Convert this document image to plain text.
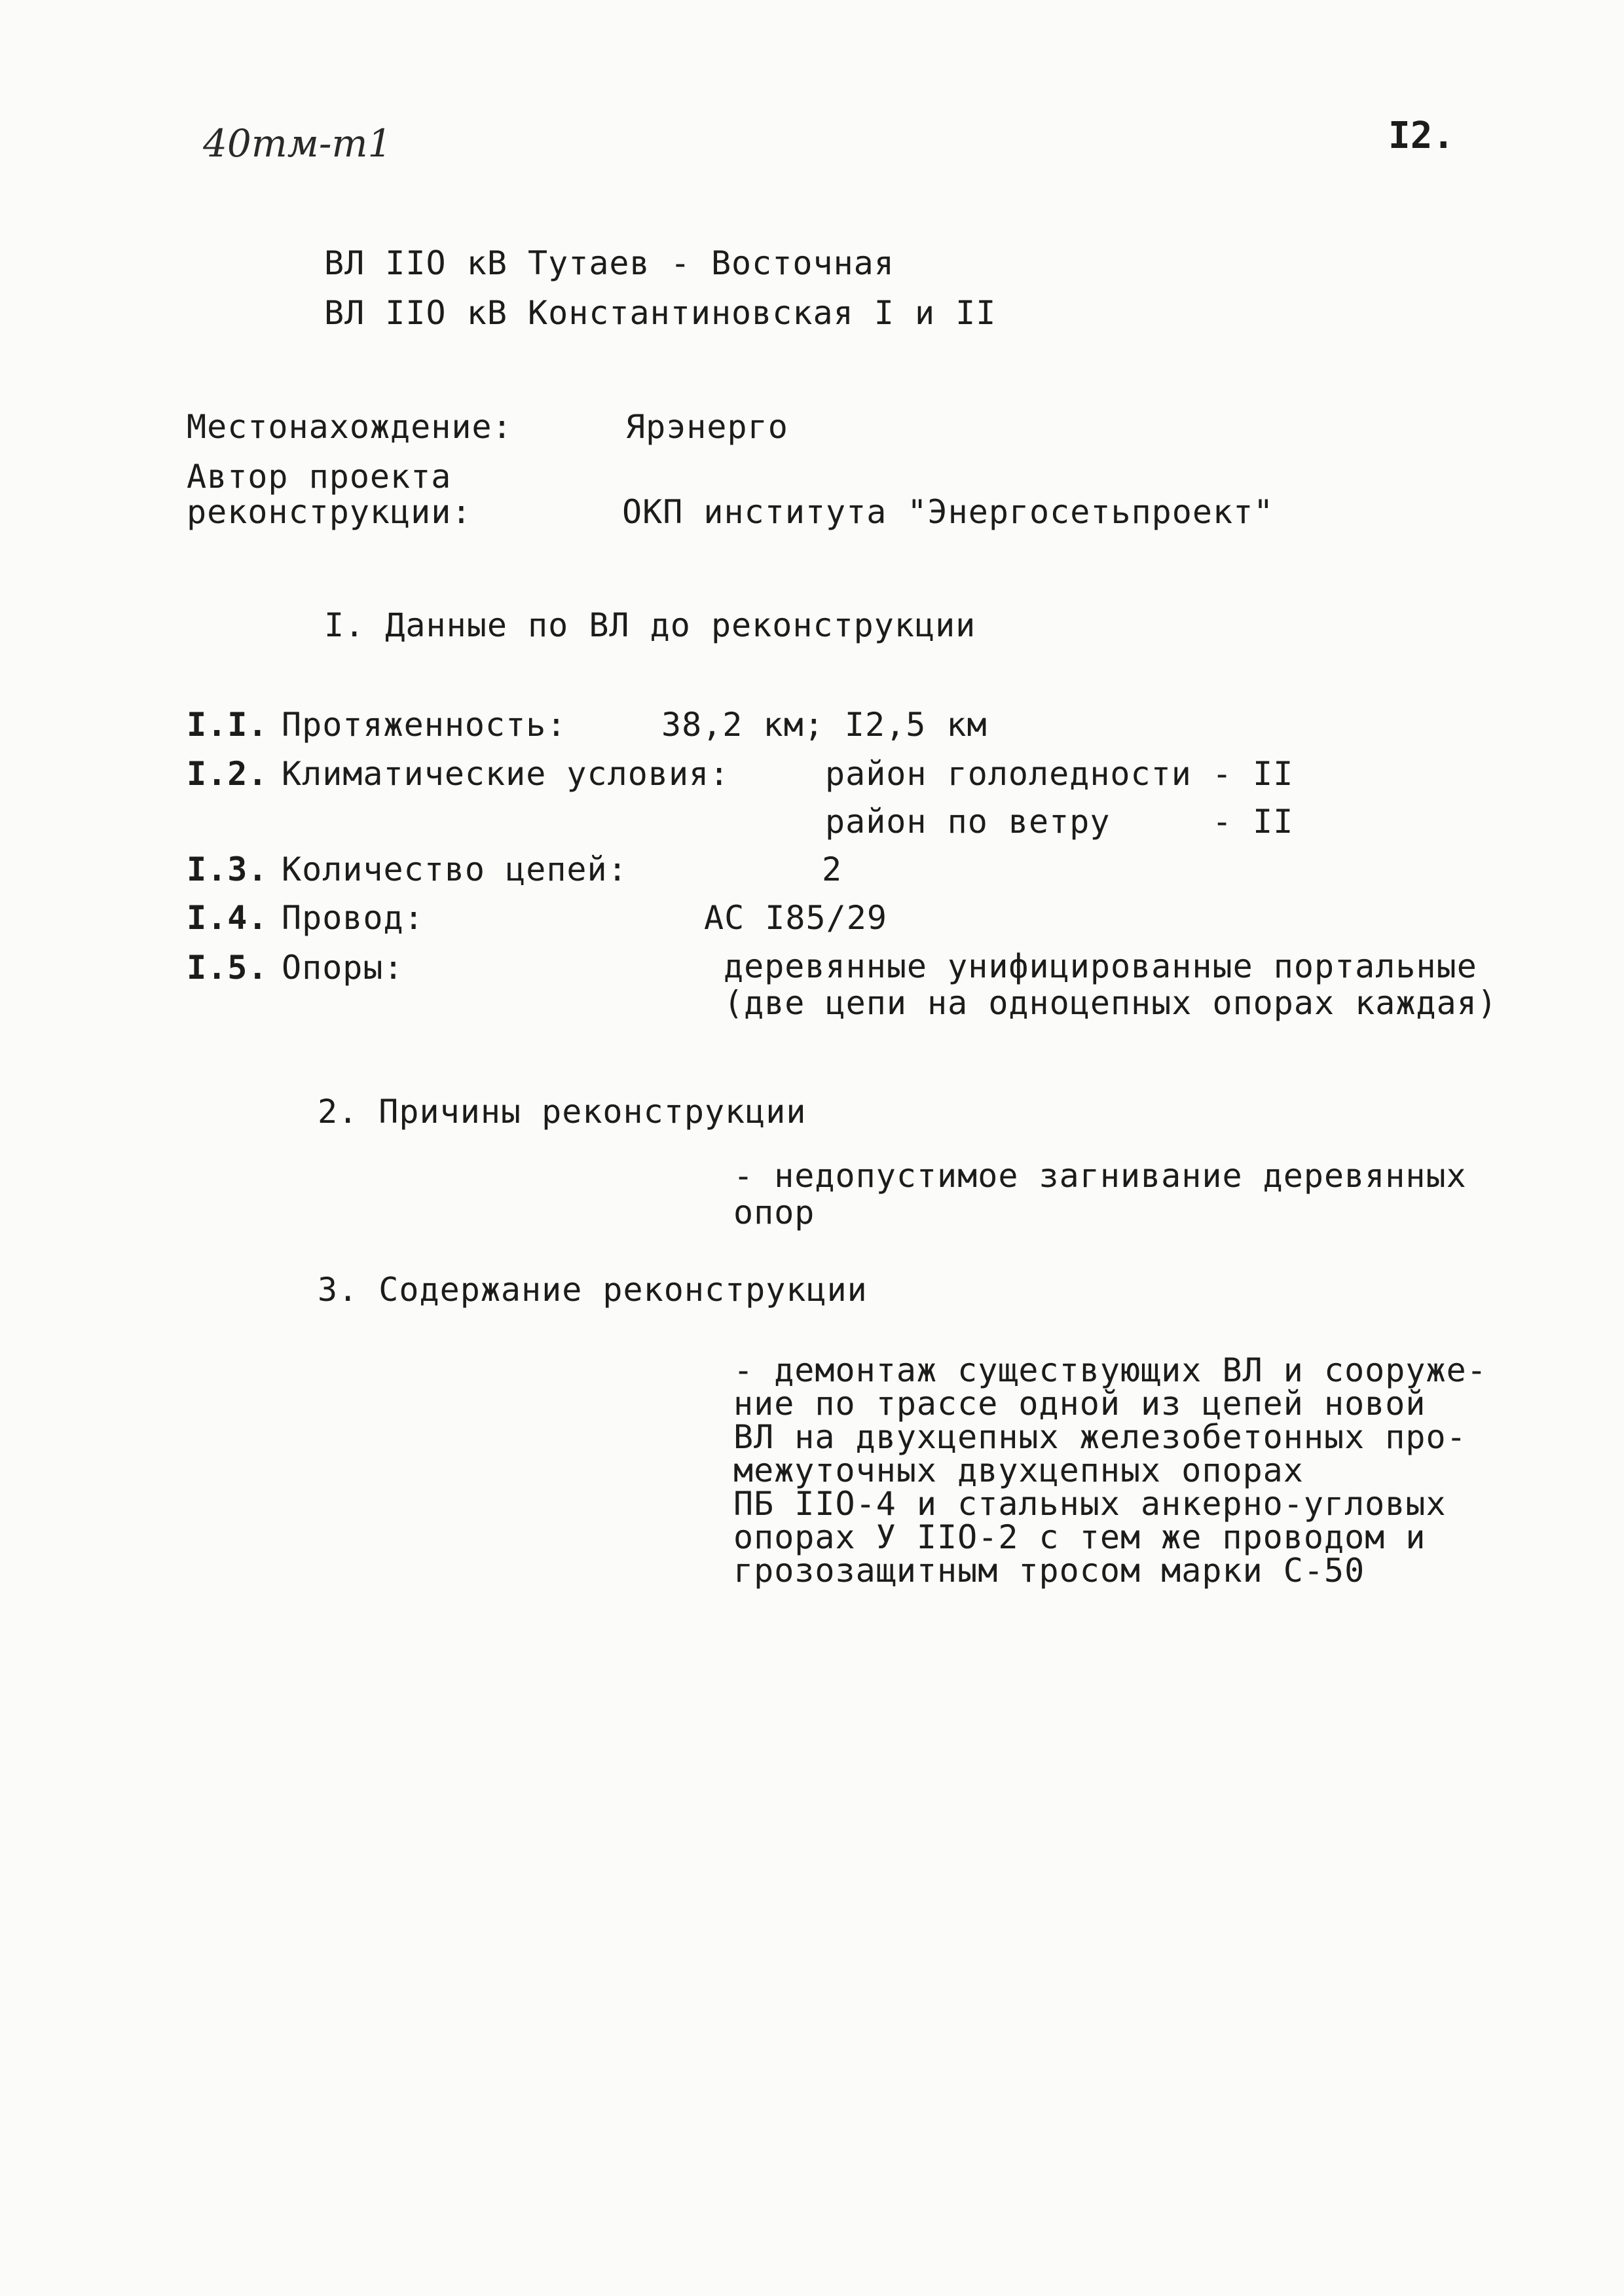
40тм-т1	I2.
ВЛ IIO кВ Тутаев - Восточная
ВЛ IIO кВ Константиновская I и II
Местонахождение:	Ярэнерго
Автор проекта
реконструкции:	ОКП института "Энергосетьпроект"
I. Данные по ВЛ до реконструкции
I.I. Протяженность:	38,2 км; I2,5 км
I.2. Климатические условия:	район гололедности - II
район по ветру     - II
I.3. Количество цепей:	2
I.4. Провод:	АС I85/29
I.5. Опоры:	деревянные унифицированные портальные
(две цепи на одноцепных опорах каждая)
2. Причины реконструкции
- недопустимое загнивание деревянных
опор
3. Содержание реконструкции
- демонтаж существующих ВЛ и сооруже-
ние по трассе одной из цепей новой
ВЛ на двухцепных железобетонных про-
межуточных двухцепных опорах
ПБ IIO-4 и стальных анкерно-угловых
опорах У IIO-2 с тем же проводом и
грозозащитным тросом марки С-50
